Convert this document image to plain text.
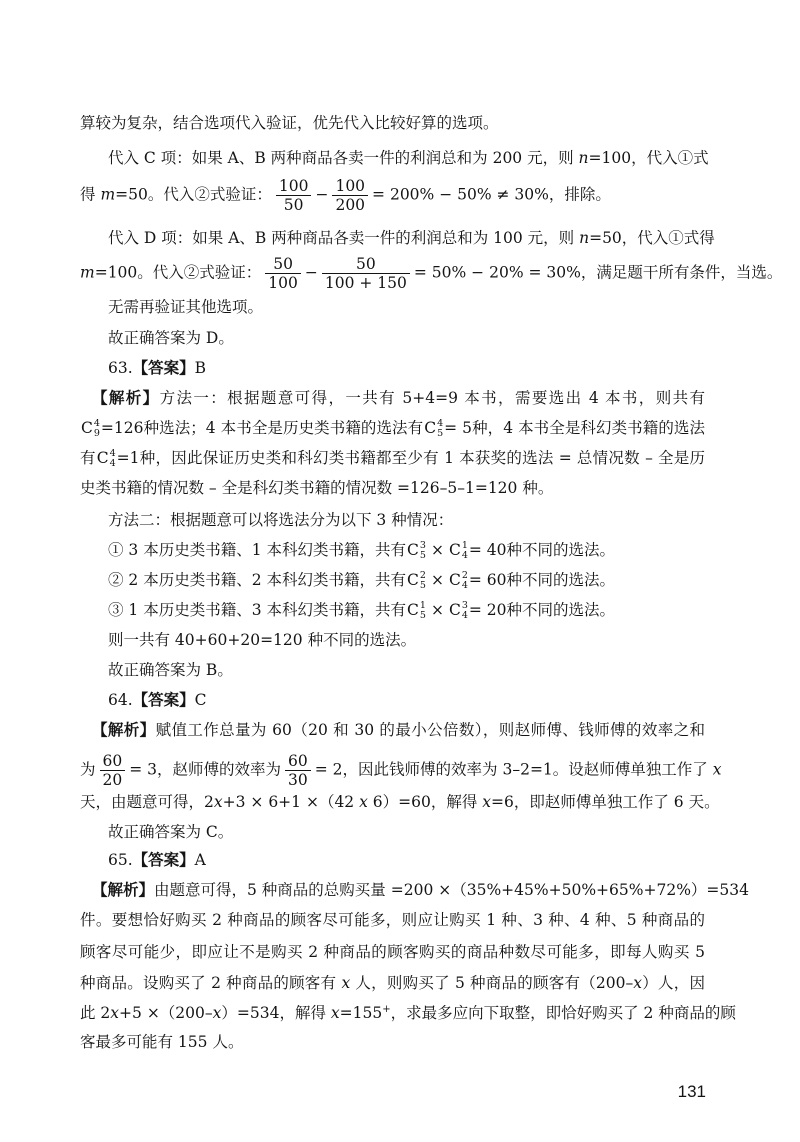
算较为复杂，结合选项代入验证，优先代入比较好算的选项。
代入 C 项：如果 A、B 两种商品各卖一件的利润总和为 200 元，则 n=100，代入①式
得 m=50。代入②式验证： $\frac{100}{50} - \frac{100}{200} = 200\% - 50\% \ne 30\%$，排除。
代入 D 项：如果 A、B 两种商品各卖一件的利润总和为 100 元，则 n=50，代入①式得
m=100。代入②式验证： $\frac{50}{100} - \frac{50}{100 + 150} = 50\% - 20\% = 30\%$，满足题干所有条件，当选。
无需再验证其他选项。
故正确答案为 D。
63.【答案】B
【解析】方法一：根据题意可得，一共有 5+4=9 本书，需要选出 4 本书，则共有
C 4
9 =126种选法；4 本书全是历史类书籍的选法有C 4
5 = 5种，4 本书全是科幻类书籍的选法
有C 4
4 =1种，因此保证历史类和科幻类书籍都至少有 1 本获奖的选法 = 总情况数 – 全是历
史类书籍的情况数 – 全是科幻类书籍的情况数 =126–5–1=120 种。
方法二：根据题意可以将选法分为以下 3 种情况：
① 3 本历史类书籍、1 本科幻类书籍，共有C 3
5 × C 1
4 = 40种不同的选法。
② 2 本历史类书籍、2 本科幻类书籍，共有C 2
5 × C 2
4 = 60种不同的选法。
③ 1 本历史类书籍、3 本科幻类书籍，共有C 1
5 × C 3
4 = 20种不同的选法。
则一共有 40+60+20=120 种不同的选法。
故正确答案为 B。
64.【答案】C
【解析】赋值工作总量为 60（20 和 30 的最小公倍数），则赵师傅、钱师傅的效率之和
为 $\frac{60}{20} = 3$，赵师傅的效率为 $\frac{60}{30} = 2$，因此钱师傅的效率为 3–2=1。设赵师傅单独工作了 x
天，由题意可得，2x+3 × 6+1 ×（42 x 6）=60，解得 x=6，即赵师傅单独工作了 6 天。
故正确答案为 C。
65.【答案】A
【解析】由题意可得，5 种商品的总购买量 =200 ×（35%+45%+50%+65%+72%）=534
件。要想恰好购买 2 种商品的顾客尽可能多，则应让购买 1 种、3 种、4 种、5 种商品的
顾客尽可能少，即应让不是购买 2 种商品的顾客购买的商品种数尽可能多，即每人购买 5
种商品。设购买了 2 种商品的顾客有 x 人，则购买了 5 种商品的顾客有（200–x）人，因
此 2x+5 ×（200–x）=534，解得 x=155+，求最多应向下取整，即恰好购买了 2 种商品的顾
客最多可能有 155 人。
131
